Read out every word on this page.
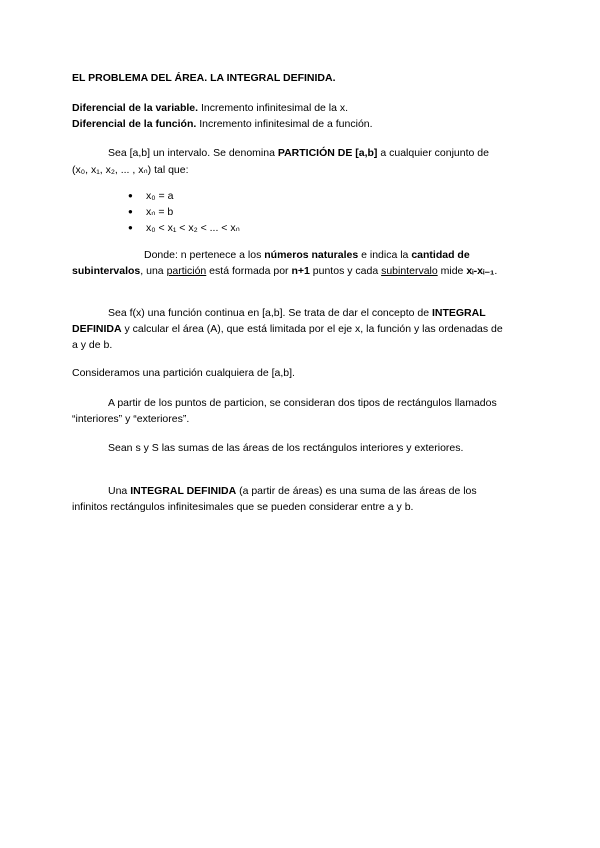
EL PROBLEMA DEL ÁREA. LA INTEGRAL DEFINIDA.
Diferencial de la variable. Incremento infinitesimal de la x.
Diferencial de la función. Incremento infinitesimal de a función.
Sea [a,b] un intervalo. Se denomina PARTICIÓN DE [a,b] a cualquier conjunto de
(x₀, x₁, x₂, ... , xₙ) tal que:
● x₀ = a
● xₙ = b
● x₀ < x₁ < x₂ < ... < xₙ
Donde: n pertenece a los números naturales e indica la cantidad de
subintervalos, una partición está formada por n+1 puntos y cada subintervalo mide xᵢ-xᵢ₋₁.
Sea f(x) una función continua en [a,b]. Se trata de dar el concepto de INTEGRAL
DEFINIDA y calcular el área (A), que está limitada por el eje x, la función y las ordenadas de
a y de b.
Consideramos una partición cualquiera de [a,b].
A partir de los puntos de particion, se consideran dos tipos de rectángulos llamados
“interiores” y “exteriores”.
Sean s y S las sumas de las áreas de los rectángulos interiores y exteriores.
Una INTEGRAL DEFINIDA (a partir de áreas) es una suma de las áreas de los
infinitos rectángulos infinitesimales que se pueden considerar entre a y b.
